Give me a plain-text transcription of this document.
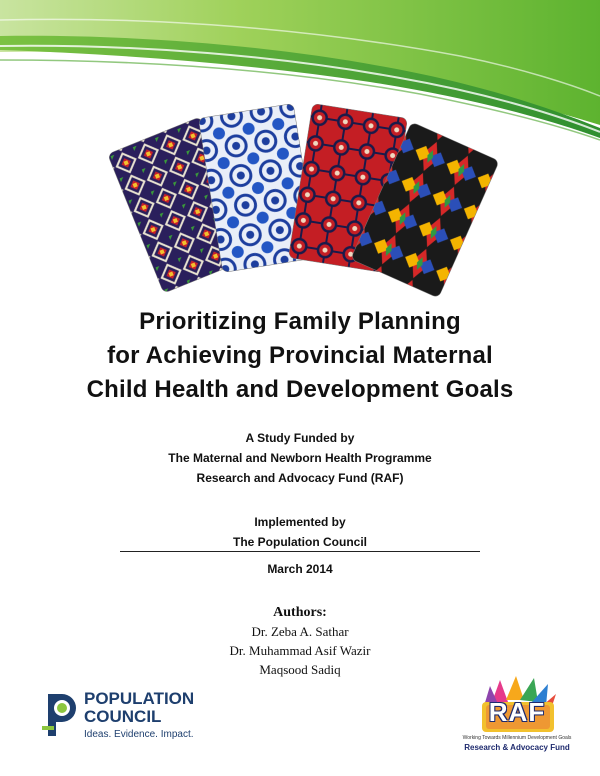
Prioritizing Family Planning
for Achieving Provincial Maternal
Child Health and Development Goals
A Study Funded by
The Maternal and Newborn Health Programme
Research and Advocacy Fund (RAF)
Implemented by
The Population Council
March 2014
Authors:
Dr. Zeba A. Sathar
Dr. Muhammad Asif Wazir
Maqsood Sadiq
POPULATION
COUNCIL
Ideas. Evidence. Impact.
RAF
Working Towards Millennium Development Goals
Research & Advocacy Fund
